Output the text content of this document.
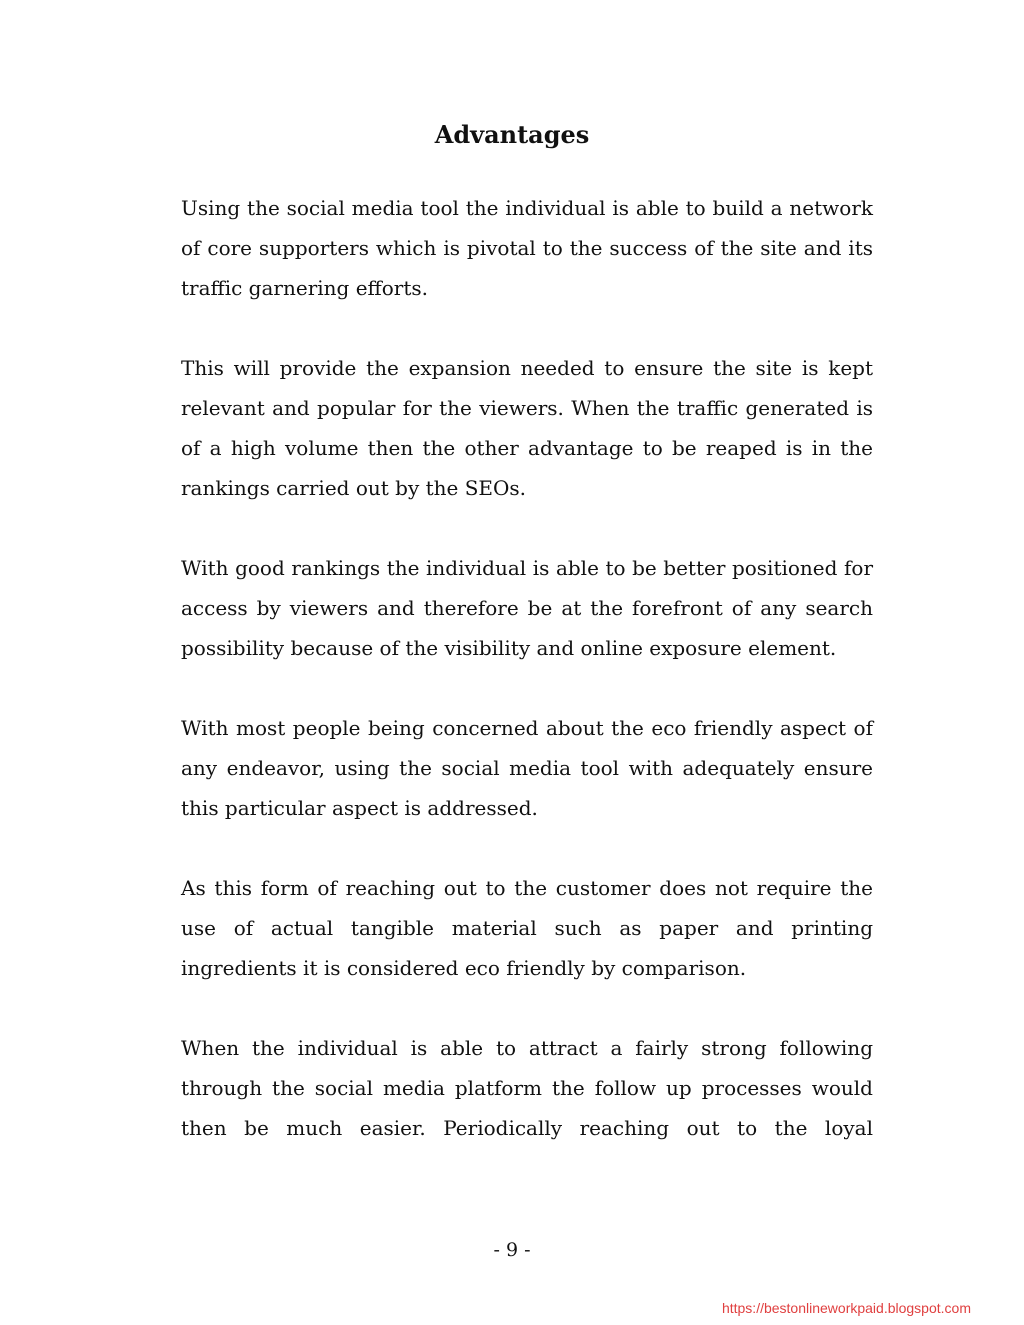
Advantages

Using the social media tool the individual is able to build a network of core supporters which is pivotal to the success of the site and its traffic garnering efforts.

This will provide the expansion needed to ensure the site is kept relevant and popular for the viewers. When the traffic generated is of a high volume then the other advantage to be reaped is in the rankings carried out by the SEOs.

With good rankings the individual is able to be better positioned for access by viewers and therefore be at the forefront of any search possibility because of the visibility and online exposure element.

With most people being concerned about the eco friendly aspect of any endeavor, using the social media tool with adequately ensure this particular aspect is addressed.

As this form of reaching out to the customer does not require the use of actual tangible material such as paper and printing ingredients it is considered eco friendly by comparison.

When the individual is able to attract a fairly strong following through the social media platform the follow up processes would then be much easier. Periodically reaching out to the loyal

- 9 -
https://bestonlineworkpaid.blogspot.com
